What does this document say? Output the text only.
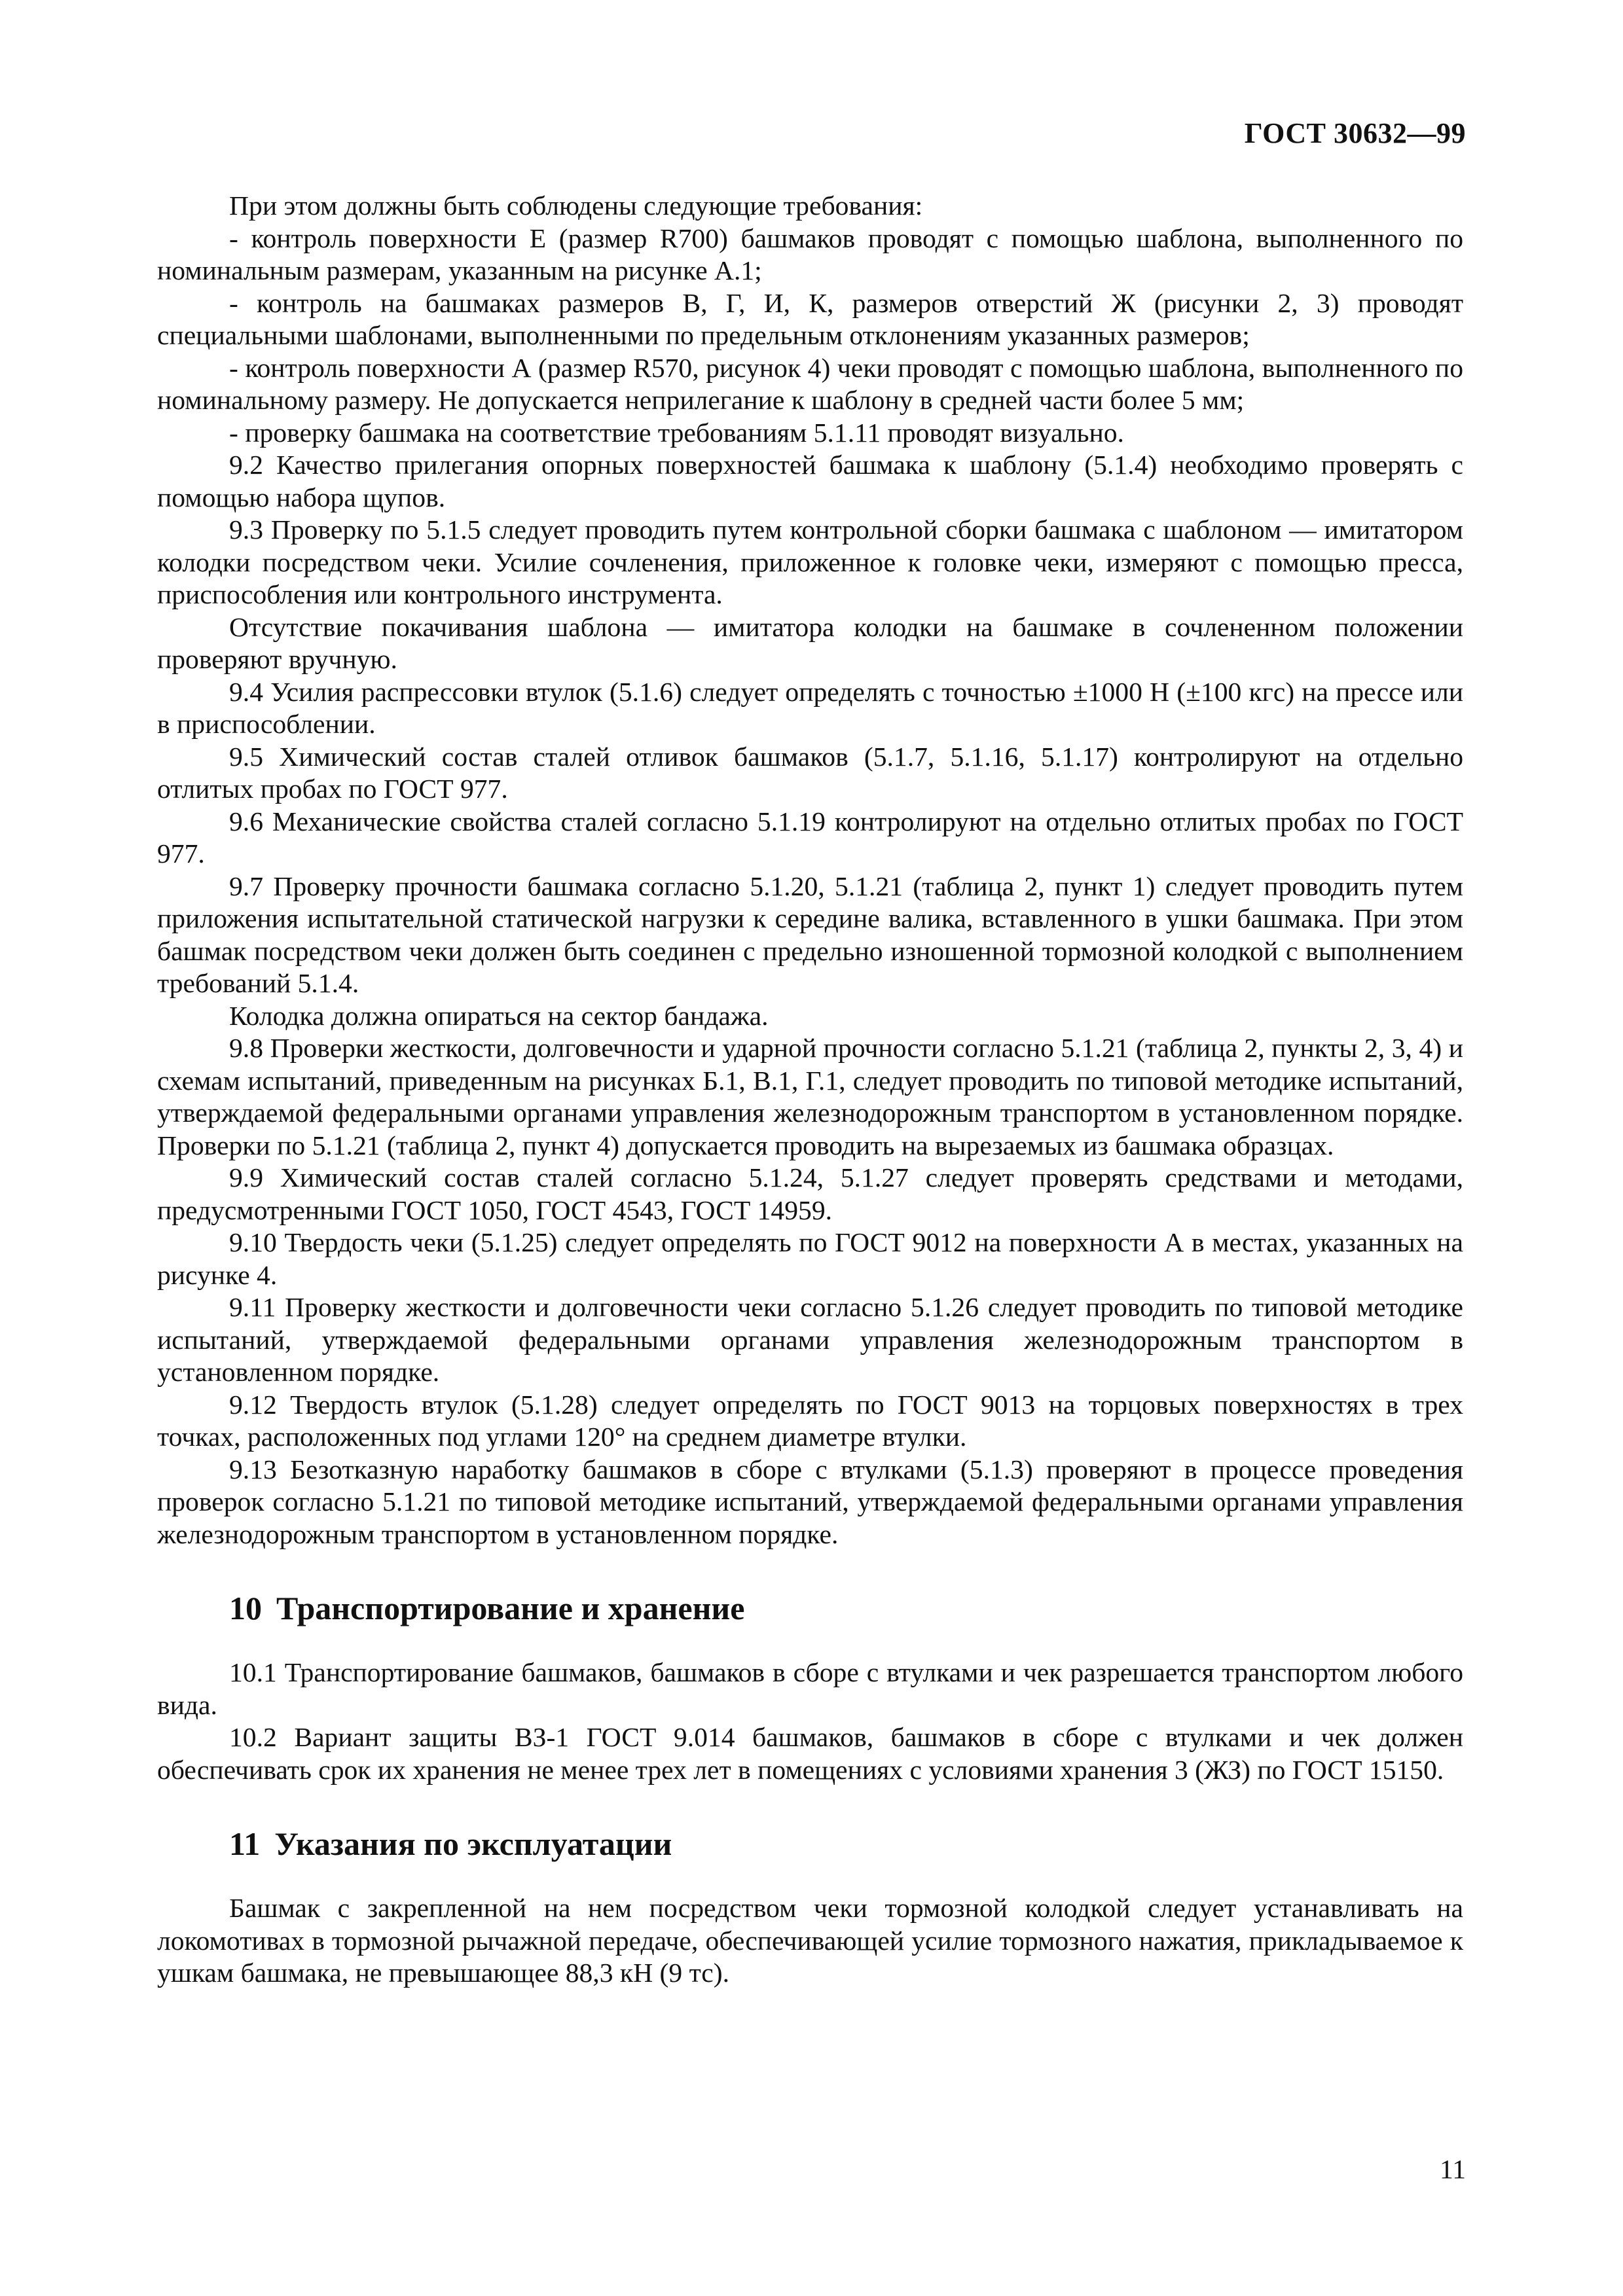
ГОСТ 30632—99

При этом должны быть соблюдены следующие требования:

- контроль поверхности Е (размер R700) башмаков проводят с помощью шаблона, выполненного по номинальным размерам, указанным на рисунке А.1;

- контроль на башмаках размеров В, Г, И, К, размеров отверстий Ж (рисунки 2, 3) проводят специальными шаблонами, выполненными по предельным отклонениям указанных размеров;

- контроль поверхности А (размер R570, рисунок 4) чеки проводят с помощью шаблона, выполненного по номинальному размеру. Не допускается неприлегание к шаблону в средней части более 5 мм;

- проверку башмака на соответствие требованиям 5.1.11 проводят визуально.

9.2 Качество прилегания опорных поверхностей башмака к шаблону (5.1.4) необходимо проверять с помощью набора щупов.

9.3 Проверку по 5.1.5 следует проводить путем контрольной сборки башмака с шаблоном — имитатором колодки посредством чеки. Усилие сочленения, приложенное к головке чеки, измеряют с помощью пресса, приспособления или контрольного инструмента.

Отсутствие покачивания шаблона — имитатора колодки на башмаке в сочлененном положении проверяют вручную.

9.4 Усилия распрессовки втулок (5.1.6) следует определять с точностью ±1000 Н (±100 кгс) на прессе или в приспособлении.

9.5 Химический состав сталей отливок башмаков (5.1.7, 5.1.16, 5.1.17) контролируют на отдельно отлитых пробах по ГОСТ 977.

9.6 Механические свойства сталей согласно 5.1.19 контролируют на отдельно отлитых пробах по ГОСТ 977.

9.7 Проверку прочности башмака согласно 5.1.20, 5.1.21 (таблица 2, пункт 1) следует проводить путем приложения испытательной статической нагрузки к середине валика, вставленного в ушки башмака. При этом башмак посредством чеки должен быть соединен с предельно изношенной тормозной колодкой с выполнением требований 5.1.4.

Колодка должна опираться на сектор бандажа.

9.8 Проверки жесткости, долговечности и ударной прочности согласно 5.1.21 (таблица 2, пункты 2, 3, 4) и схемам испытаний, приведенным на рисунках Б.1, В.1, Г.1, следует проводить по типовой методике испытаний, утверждаемой федеральными органами управления железнодорожным транспортом в установленном порядке. Проверки по 5.1.21 (таблица 2, пункт 4) допускается проводить на вырезаемых из башмака образцах.

9.9 Химический состав сталей согласно 5.1.24, 5.1.27 следует проверять средствами и методами, предусмотренными ГОСТ 1050, ГОСТ 4543, ГОСТ 14959.

9.10 Твердость чеки (5.1.25) следует определять по ГОСТ 9012 на поверхности А в местах, указанных на рисунке 4.

9.11 Проверку жесткости и долговечности чеки согласно 5.1.26 следует проводить по типовой методике испытаний, утверждаемой федеральными органами управления железнодорожным транспортом в установленном порядке.

9.12 Твердость втулок (5.1.28) следует определять по ГОСТ 9013 на торцовых поверхностях в трех точках, расположенных под углами 120° на среднем диаметре втулки.

9.13 Безотказную наработку башмаков в сборе с втулками (5.1.3) проверяют в процессе проведения проверок согласно 5.1.21 по типовой методике испытаний, утверждаемой федеральными органами управления железнодорожным транспортом в установленном порядке.

10 Транспортирование и хранение

10.1 Транспортирование башмаков, башмаков в сборе с втулками и чек разрешается транспортом любого вида.

10.2 Вариант защиты ВЗ-1 ГОСТ 9.014 башмаков, башмаков в сборе с втулками и чек должен обеспечивать срок их хранения не менее трех лет в помещениях с условиями хранения 3 (ЖЗ) по ГОСТ 15150.

11 Указания по эксплуатации

Башмак с закрепленной на нем посредством чеки тормозной колодкой следует устанавливать на локомотивах в тормозной рычажной передаче, обеспечивающей усилие тормозного нажатия, прикладываемое к ушкам башмака, не превышающее 88,3 кН (9 тс).

11
